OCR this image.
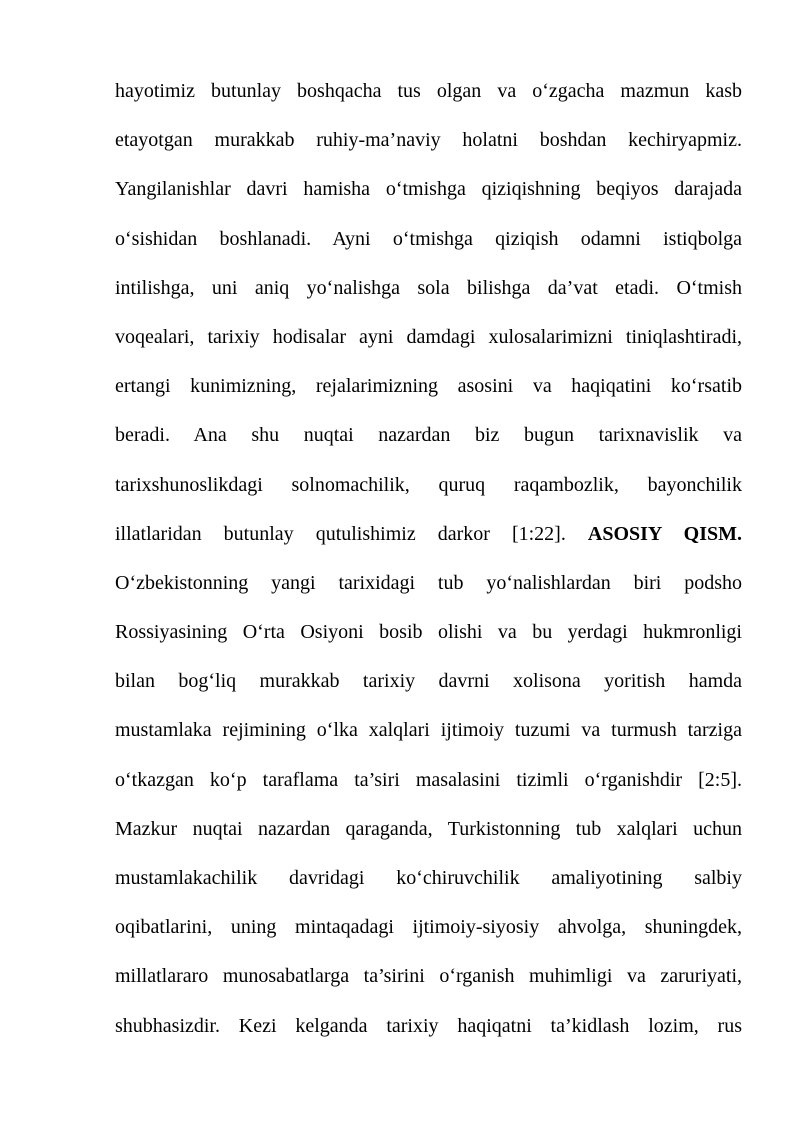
hayotimiz butunlay boshqacha tus olgan va o‘zgacha mazmun kasb
etayotgan murakkab ruhiy-ma’naviy holatni boshdan kechiryapmiz.
Yangilanishlar davri hamisha o‘tmishga qiziqishning beqiyos darajada
o‘sishidan boshlanadi. Ayni o‘tmishga qiziqish odamni istiqbolga
intilishga, uni aniq yo‘nalishga sola bilishga da’vat etadi. O‘tmish
voqealari, tarixiy hodisalar ayni damdagi xulosalarimizni tiniqlashtiradi,
ertangi kunimizning, rejalarimizning asosini va haqiqatini ko‘rsatib
beradi. Ana shu nuqtai nazardan biz bugun tarixnavislik va
tarixshunoslikdagi solnomachilik, quruq raqambozlik, bayonchilik
illatlaridan butunlay qutulishimiz darkor [1:22]. ASOSIY QISM.
O‘zbekistonning yangi tarixidagi tub yo‘nalishlardan biri podsho
Rossiyasining O‘rta Osiyoni bosib olishi va bu yerdagi hukmronligi
bilan bog‘liq murakkab tarixiy davrni xolisona yoritish hamda
mustamlaka rejimining o‘lka xalqlari ijtimoiy tuzumi va turmush tarziga
o‘tkazgan ko‘p taraflama ta’siri masalasini tizimli o‘rganishdir [2:5].
Mazkur nuqtai nazardan qaraganda, Turkistonning tub xalqlari uchun
mustamlakachilik davridagi ko‘chiruvchilik amaliyotining salbiy
oqibatlarini, uning mintaqadagi ijtimoiy-siyosiy ahvolga, shuningdek,
millatlararo munosabatlarga ta’sirini o‘rganish muhimligi va zaruriyati,
shubhasizdir. Kezi kelganda tarixiy haqiqatni ta’kidlash lozim, rus
